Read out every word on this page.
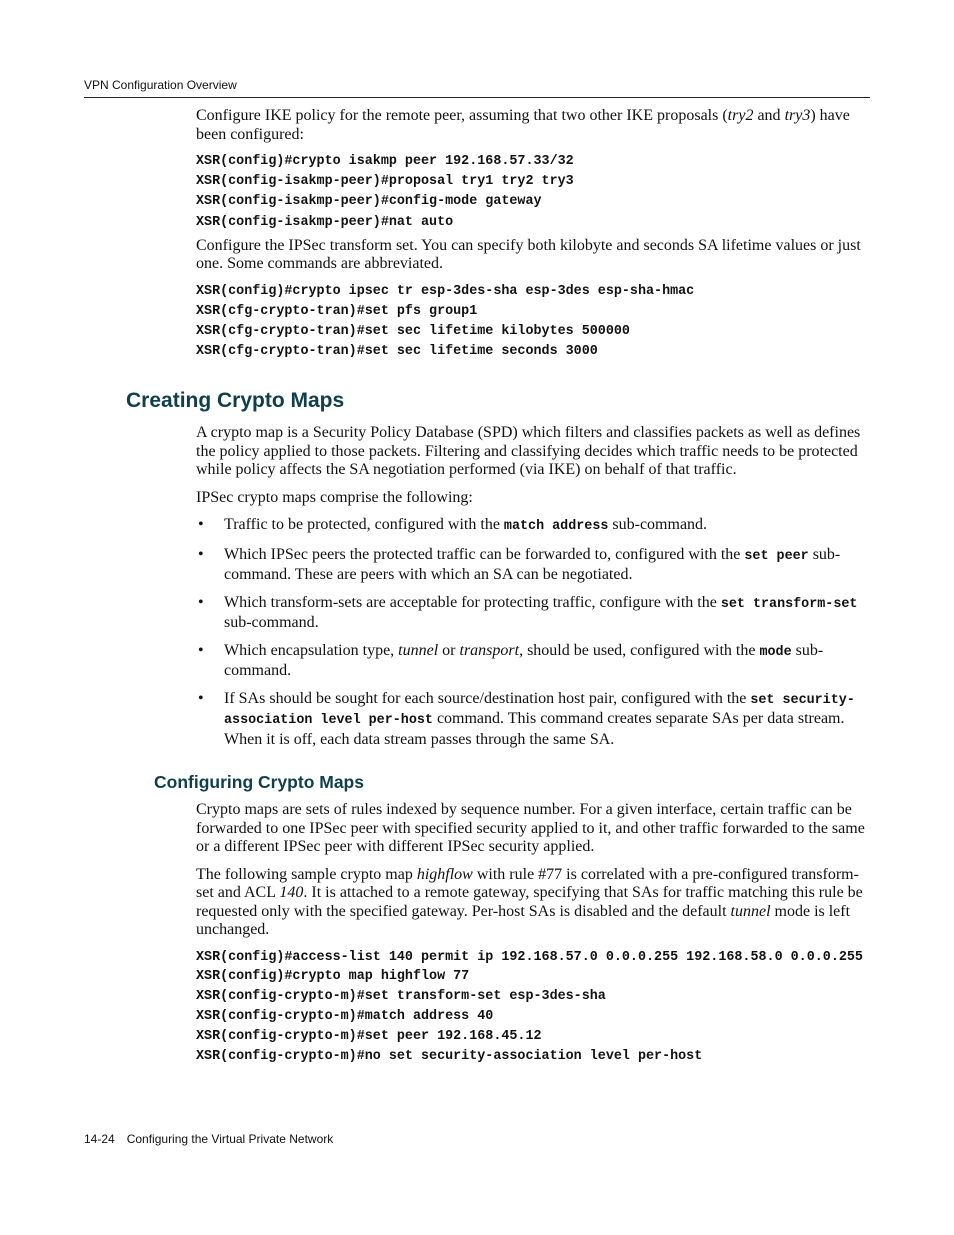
VPN Configuration Overview

Configure IKE policy for the remote peer, assuming that two other IKE proposals (try2 and try3) have been configured:

XSR(config)#crypto isakmp peer 192.168.57.33/32
XSR(config-isakmp-peer)#proposal try1 try2 try3
XSR(config-isakmp-peer)#config-mode gateway
XSR(config-isakmp-peer)#nat auto

Configure the IPSec transform set. You can specify both kilobyte and seconds SA lifetime values or just one. Some commands are abbreviated.

XSR(config)#crypto ipsec tr esp-3des-sha esp-3des esp-sha-hmac
XSR(cfg-crypto-tran)#set pfs group1
XSR(cfg-crypto-tran)#set sec lifetime kilobytes 500000
XSR(cfg-crypto-tran)#set sec lifetime seconds 3000
Creating Crypto Maps

A crypto map is a Security Policy Database (SPD) which filters and classifies packets as well as defines the policy applied to those packets. Filtering and classifying decides which traffic needs to be protected while policy affects the SA negotiation performed (via IKE) on behalf of that traffic.

IPSec crypto maps comprise the following:

• Traffic to be protected, configured with the match address sub-command.
• Which IPSec peers the protected traffic can be forwarded to, configured with the set peer sub-command. These are peers with which an SA can be negotiated.
• Which transform-sets are acceptable for protecting traffic, configure with the set transform-set sub-command.
• Which encapsulation type, tunnel or transport, should be used, configured with the mode sub-command.
• If SAs should be sought for each source/destination host pair, configured with the set security-association level per-host command. This command creates separate SAs per data stream. When it is off, each data stream passes through the same SA.
Configuring Crypto Maps

Crypto maps are sets of rules indexed by sequence number. For a given interface, certain traffic can be forwarded to one IPSec peer with specified security applied to it, and other traffic forwarded to the same or a different IPSec peer with different IPSec security applied.

The following sample crypto map highflow with rule #77 is correlated with a pre-configured transform-set and ACL 140. It is attached to a remote gateway, specifying that SAs for traffic matching this rule be requested only with the specified gateway. Per-host SAs is disabled and the default tunnel mode is left unchanged.

XSR(config)#access-list 140 permit ip 192.168.57.0 0.0.0.255 192.168.58.0 0.0.0.255
XSR(config)#crypto map highflow 77
XSR(config-crypto-m)#set transform-set esp-3des-sha
XSR(config-crypto-m)#match address 40
XSR(config-crypto-m)#set peer 192.168.45.12
XSR(config-crypto-m)#no set security-association level per-host
14-24 Configuring the Virtual Private Network
